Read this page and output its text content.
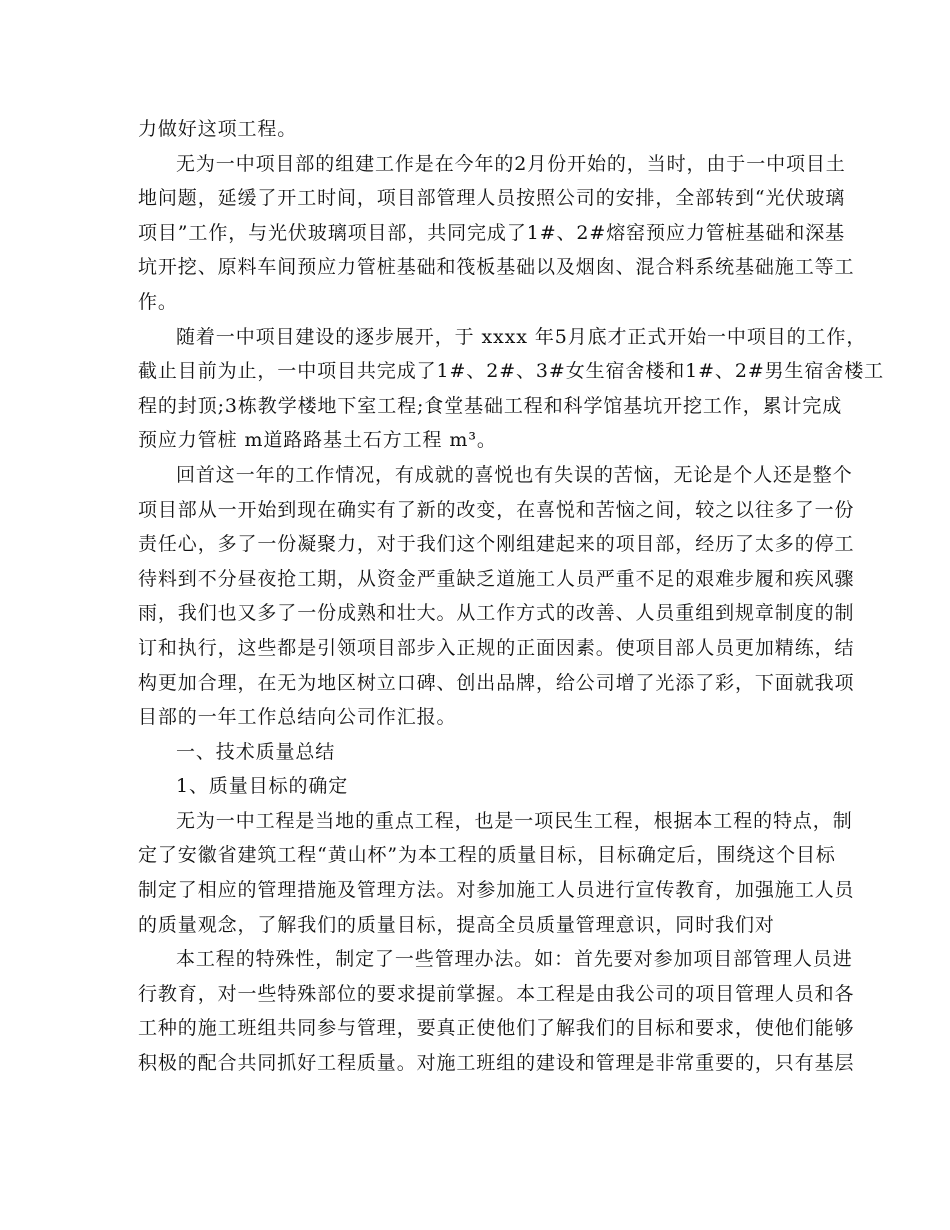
力做好这项工程。
无为一中项目部的组建工作是在今年的2月份开始的，当时，由于一中项目土
地问题，延缓了开工时间，项目部管理人员按照公司的安排，全部转到“光伏玻璃
项目”工作，与光伏玻璃项目部，共同完成了1#、2#熔窑预应力管桩基础和深基
坑开挖、原料车间预应力管桩基础和筏板基础以及烟囱、混合料系统基础施工等工
作。
随着一中项目建设的逐步展开，于 xxxx 年5月底才正式开始一中项目的工作，
截止目前为止，一中项目共完成了1#、2#、3#女生宿舍楼和1#、2#男生宿舍楼工
程的封顶;3栋教学楼地下室工程;食堂基础工程和科学馆基坑开挖工作，累计完成
预应力管桩 m道路路基土石方工程 m³。
回首这一年的工作情况，有成就的喜悦也有失误的苦恼，无论是个人还是整个
项目部从一开始到现在确实有了新的改变，在喜悦和苦恼之间，较之以往多了一份
责任心，多了一份凝聚力，对于我们这个刚组建起来的项目部，经历了太多的停工
待料到不分昼夜抢工期，从资金严重缺乏道施工人员严重不足的艰难步履和疾风骤
雨，我们也又多了一份成熟和壮大。从工作方式的改善、人员重组到规章制度的制
订和执行，这些都是引领项目部步入正规的正面因素。使项目部人员更加精练，结
构更加合理，在无为地区树立口碑、创出品牌，给公司增了光添了彩，下面就我项
目部的一年工作总结向公司作汇报。
一、技术质量总结
1、质量目标的确定
无为一中工程是当地的重点工程，也是一项民生工程，根据本工程的特点，制
定了安徽省建筑工程“黄山杯”为本工程的质量目标，目标确定后，围绕这个目标
制定了相应的管理措施及管理方法。对参加施工人员进行宣传教育，加强施工人员
的质量观念，了解我们的质量目标，提高全员质量管理意识，同时我们对
本工程的特殊性，制定了一些管理办法。如：首先要对参加项目部管理人员进
行教育，对一些特殊部位的要求提前掌握。本工程是由我公司的项目管理人员和各
工种的施工班组共同参与管理，要真正使他们了解我们的目标和要求，使他们能够
积极的配合共同抓好工程质量。对施工班组的建设和管理是非常重要的，只有基层
